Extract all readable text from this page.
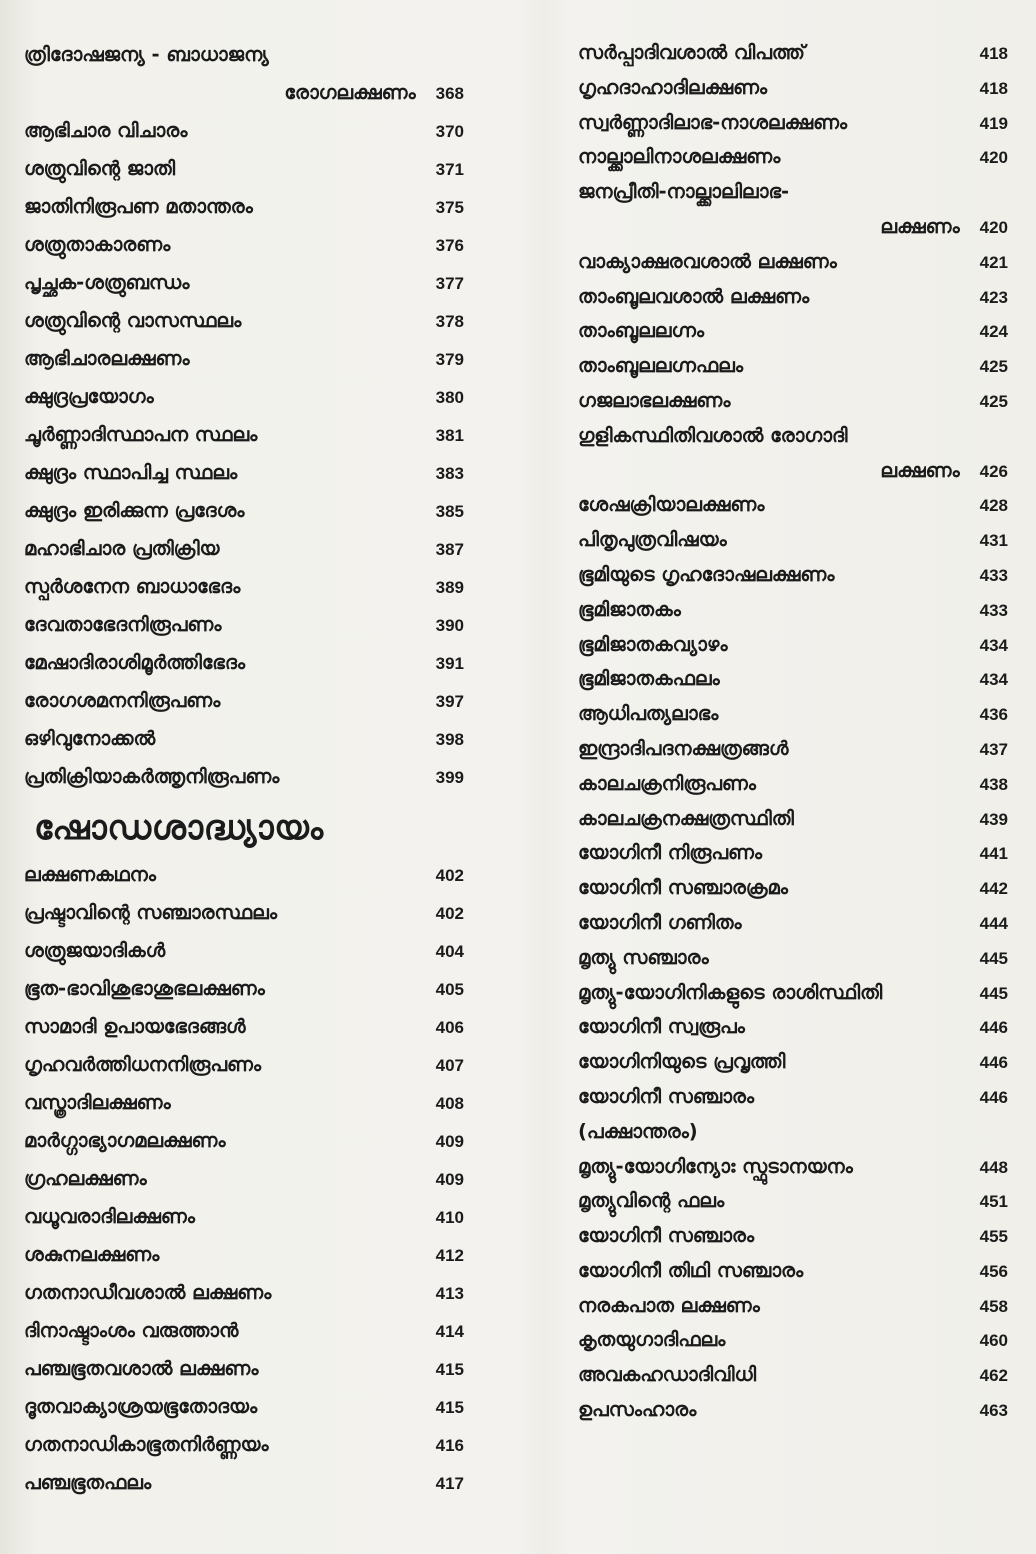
ത്രിദോഷജന്യ - ബാധാജന്യ
രോഗലക്ഷണം 368
ആഭിചാര വിചാരം	370
ശത്രുവിന്റെ ജാതി	371
ജാതിനിരൂപണ മതാന്തരം	375
ശത്രുതാകാരണം	376
പൃച്ഛക-ശത്രുബന്ധം	377
ശത്രുവിന്റെ വാസസ്ഥലം	378
ആഭിചാരലക്ഷണം	379
ക്ഷുദ്രപ്രയോഗം	380
ചൂർണ്ണാദിസ്ഥാപന സ്ഥലം	381
ക്ഷുദ്രം സ്ഥാപിച്ച സ്ഥലം	383
ക്ഷുദ്രം ഇരിക്കുന്ന പ്രദേശം	385
മഹാഭിചാര പ്രതിക്രിയ	387
സ്പർശനേന ബാധാഭേദം	389
ദേവതാഭേദനിരൂപണം	390
മേഷാദിരാശിമൂർത്തിഭേദം	391
രോഗശമനനിരൂപണം	397
ഒഴിവുനോക്കൽ	398
പ്രതിക്രിയാകർത്തൃനിരൂപണം	399
ഷോഡശാദ്ധ്യായം
ലക്ഷണകഥനം	402
പ്രഷ്ടാവിന്റെ സഞ്ചാരസ്ഥലം	402
ശത്രുജയാദികൾ	404
ഭൂത-ഭാവിശുഭാശുഭലക്ഷണം	405
സാമാദി ഉപായഭേദങ്ങൾ	406
ഗൃഹവർത്തിധനനിരൂപണം	407
വസ്ത്രാദിലക്ഷണം	408
മാർഗ്ഗാഭ്യാഗമലക്ഷണം	409
ഗ്രഹലക്ഷണം	409
വധൂവരാദിലക്ഷണം	410
ശകുനലക്ഷണം	412
ഗതനാഡീവശാൽ ലക്ഷണം	413
ദിനാഷ്ടാംശം വരുത്താൻ	414
പഞ്ചഭൂതവശാൽ ലക്ഷണം	415
ദൂതവാക്യാശ്രയഭൂതോദയം	415
ഗതനാഡികാഭൂതനിർണ്ണയം	416
പഞ്ചഭൂതഫലം	417
സർപ്പാദിവശാൽ വിപത്ത്	418
ഗൃഹദാഹാദിലക്ഷണം	418
സ്വർണ്ണാദിലാഭ-നാശലക്ഷണം	419
നാല്ക്കാലിനാശലക്ഷണം	420
ജനപ്രീതി-നാല്ക്കാലിലാഭ-
ലക്ഷണം 420
വാക്യാക്ഷരവശാൽ ലക്ഷണം	421
താംബൂലവശാൽ ലക്ഷണം	423
താംബൂലലഗ്നം	424
താംബൂലലഗ്നഫലം	425
ഗജലാഭലക്ഷണം	425
ഗുളികസ്ഥിതിവശാൽ രോഗാദി
ലക്ഷണം 426
ശേഷക്രിയാലക്ഷണം	428
പിതൃപുത്രവിഷയം	431
ഭൂമിയുടെ ഗൃഹദോഷലക്ഷണം	433
ഭൂമിജാതകം	433
ഭൂമിജാതകവ്യാഴം	434
ഭൂമിജാതകഫലം	434
ആധിപത്യലാഭം	436
ഇന്ദ്രാദിപദനക്ഷത്രങ്ങൾ	437
കാലചക്രനിരൂപണം	438
കാലചക്രനക്ഷത്രസ്ഥിതി	439
യോഗിനീ നിരൂപണം	441
യോഗിനീ സഞ്ചാരക്രമം	442
യോഗിനീ ഗണിതം	444
മൃത്യു സഞ്ചാരം	445
മൃത്യു-യോഗിനികളുടെ രാശിസ്ഥിതി	445
യോഗിനീ സ്വരൂപം	446
യോഗിനിയുടെ പ്രവൃത്തി	446
യോഗിനീ സഞ്ചാരം	446
(പക്ഷാന്തരം)
മൃത്യു-യോഗിന്യോഃ സ്ഫുടാനയനം	448
മൃത്യുവിന്റെ ഫലം	451
യോഗിനീ സഞ്ചാരം	455
യോഗിനീ തിഥി സഞ്ചാരം	456
നരകപാത ലക്ഷണം	458
കൃതയുഗാദിഫലം	460
അവകഹഡാദിവിധി	462
ഉപസംഹാരം	463
